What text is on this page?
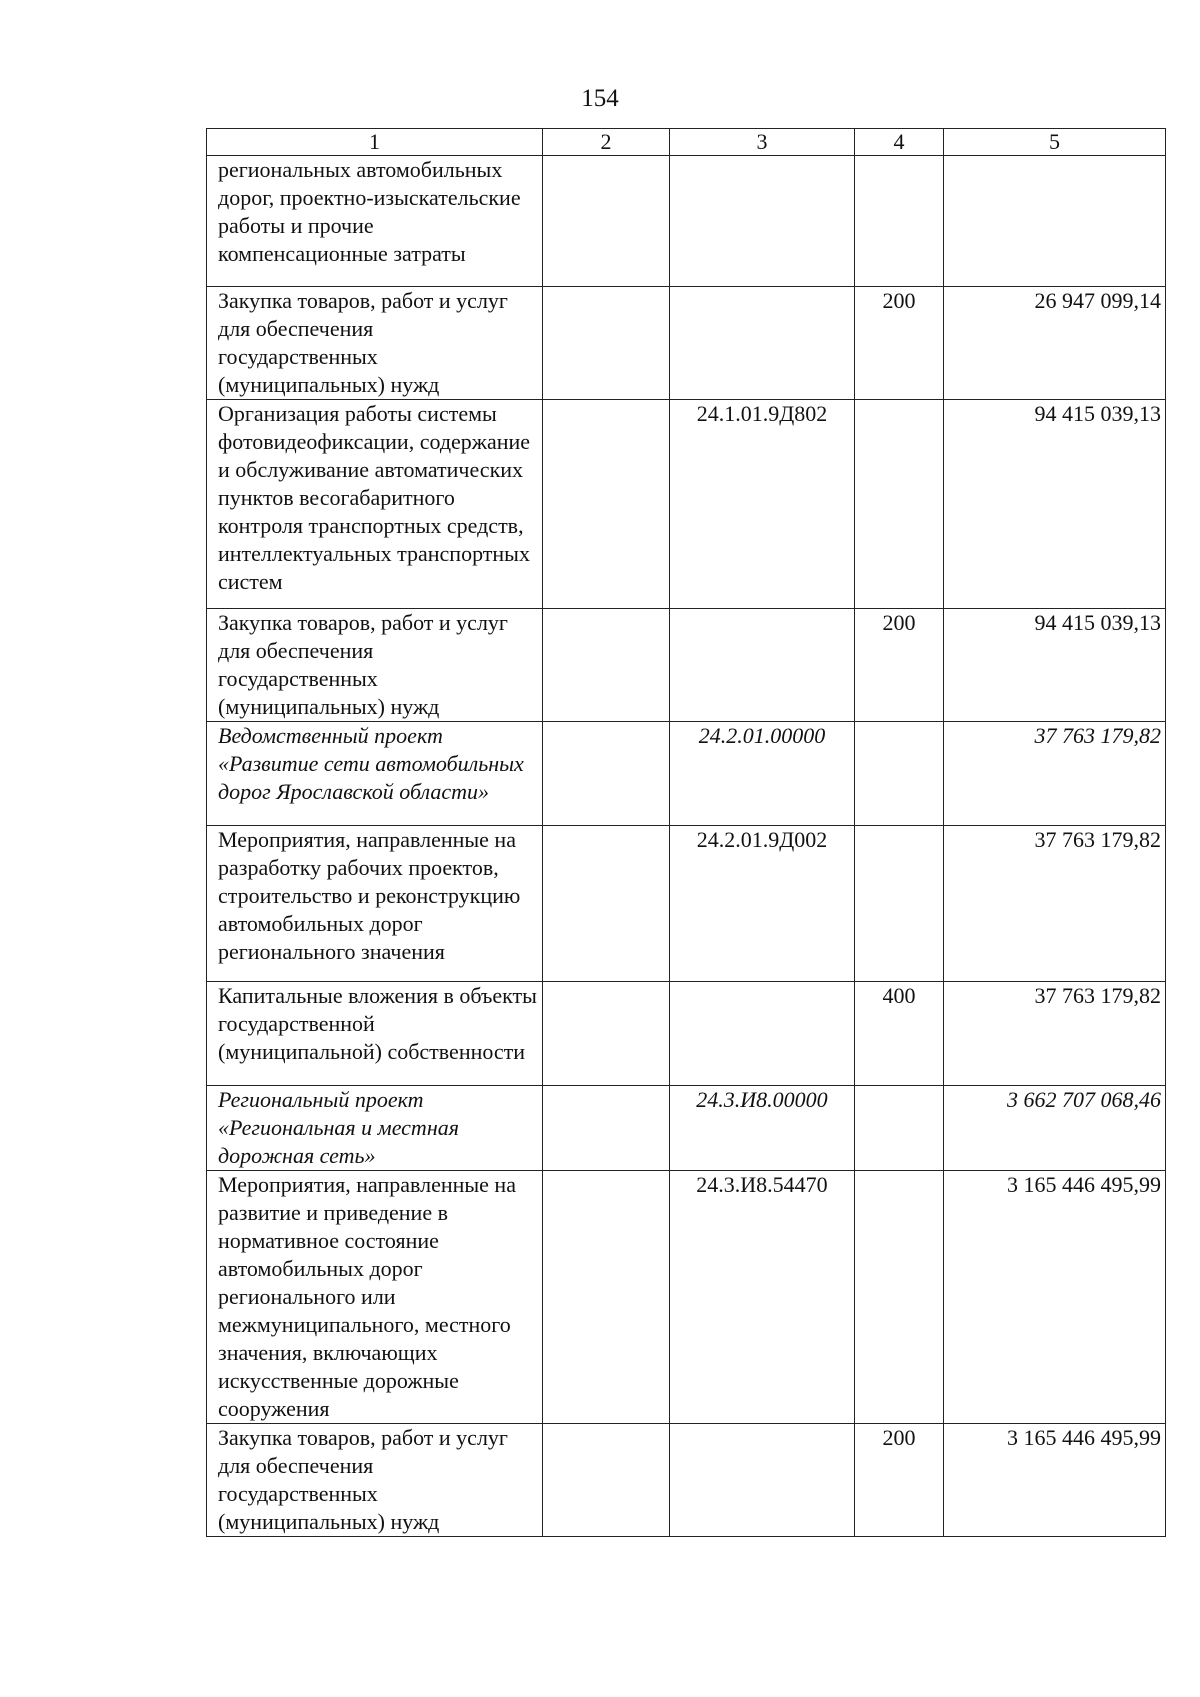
154
1	2	3	4	5
региональных автомобильных дорог, проектно-изыскательские работы и прочие компенсационные затраты				
Закупка товаров, работ и услуг для обеспечения государственных (муниципальных) нужд			200	26 947 099,14
Организация работы системы фотовидеофиксации, содержание и обслуживание автоматических пунктов весогабаритного контроля транспортных средств, интеллектуальных транспортных систем		24.1.01.9Д802		94 415 039,13
Закупка товаров, работ и услуг для обеспечения государственных (муниципальных) нужд			200	94 415 039,13
Ведомственный проект «Развитие сети автомобильных дорог Ярославской области»		24.2.01.00000		37 763 179,82
Мероприятия, направленные на разработку рабочих проектов, строительство и реконструкцию автомобильных дорог регионального значения		24.2.01.9Д002		37 763 179,82
Капитальные вложения в объекты государственной (муниципальной) собственности			400	37 763 179,82
Региональный проект «Региональная и местная дорожная сеть»		24.3.И8.00000		3 662 707 068,46
Мероприятия, направленные на развитие и приведение в нормативное состояние автомобильных дорог регионального или межмуниципального, местного значения, включающих искусственные дорожные сооружения		24.3.И8.54470		3 165 446 495,99
Закупка товаров, работ и услуг для обеспечения государственных (муниципальных) нужд			200	3 165 446 495,99
